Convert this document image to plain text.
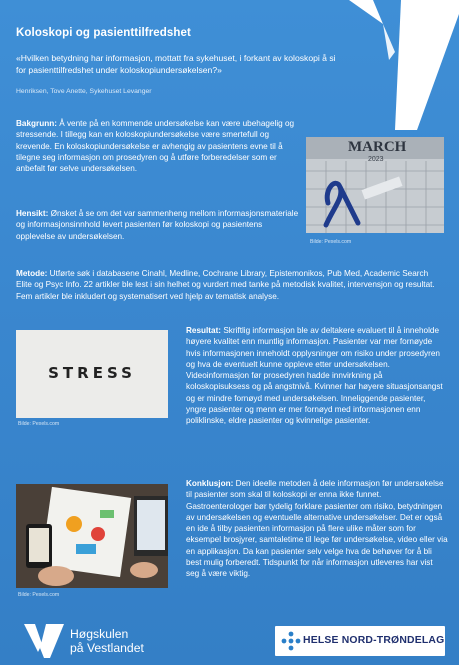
Koloskopi og pasienttilfredshet
«Hvilken betydning har informasjon, mottatt fra sykehuset, i forkant av koloskopi å si for pasienttilfredshet under koloskopiundersøkelsen?»
Henriksen, Tove Anette, Sykehuset Levanger
Bakgrunn: Å vente på en kommende undersøkelse kan være ubehagelig og stressende. I tillegg kan en koloskopiundersøkelse være smertefull og krevende. En koloskopiundersøkelse er avhengig av pasientens evne til å tilegne seg informasjon om prosedyren og å utføre forberedelser som er anbefalt før selve undersøkelsen.
Hensikt: Ønsket å se om det var sammenheng mellom informasjonsmateriale og informasjonsinnhold levert pasienten før koloskopi og pasientens opplevelse av undersøkelsen.
Metode: Utførte søk i databasene Cinahl, Medline, Cochrane Library, Epistemonikos, Pub Med, Academic Search Elite og Psyc Info. 22 artikler ble lest i sin helhet og vurdert med tanke på metodisk kvalitet, intervensjon og resultat. Fem artikler ble inkludert og systematisert ved hjelp av tematisk analyse.
Resultat: Skriftlig informasjon ble av deltakere evaluert til å inneholde høyere kvalitet enn muntlig informasjon. Pasienter var mer fornøyde hvis informasjonen inneholdt opplysninger om risiko under prosedyren og hva de eventuelt kunne oppleve etter undersøkelsen. Videoinformasjon før prosedyren hadde innvirkning på koloskopisuksess og på angstnivå. Kvinner har høyere situasjonsangst og er mindre fornøyd med undersøkelsen. Inneliggende pasienter, yngre pasienter og menn er mer fornøyd med informasjonen enn poliklinske, eldre pasienter og kvinnelige pasienter.
Konklusjon: Den ideelle metoden å dele informasjon før undersøkelse til pasienter som skal til koloskopi er enna ikke funnet. Gastroenterologer bør tydelig forklare pasienter om risiko, betydningen av undersøkelsen og eventuelle alternative undersøkelser. Det er også en ide å tilby pasienten informasjon på flere ulike måter som for eksempel brosjyrer, samtaletime til lege før undersøkelse, video eller via en applikasjon. Da kan pasienter selv velge hva de behøver for å bli best mulig forberedt. Tidspunkt for når informasjon utleveres har vist seg å være viktig.
MARCH
2023
Bilde: Pexels.com
STRESS
Bilde: Pexels.com
Bilde: Pexels.com
Høgskulen
på Vestlandet
HELSE NORD-TRØNDELAG
